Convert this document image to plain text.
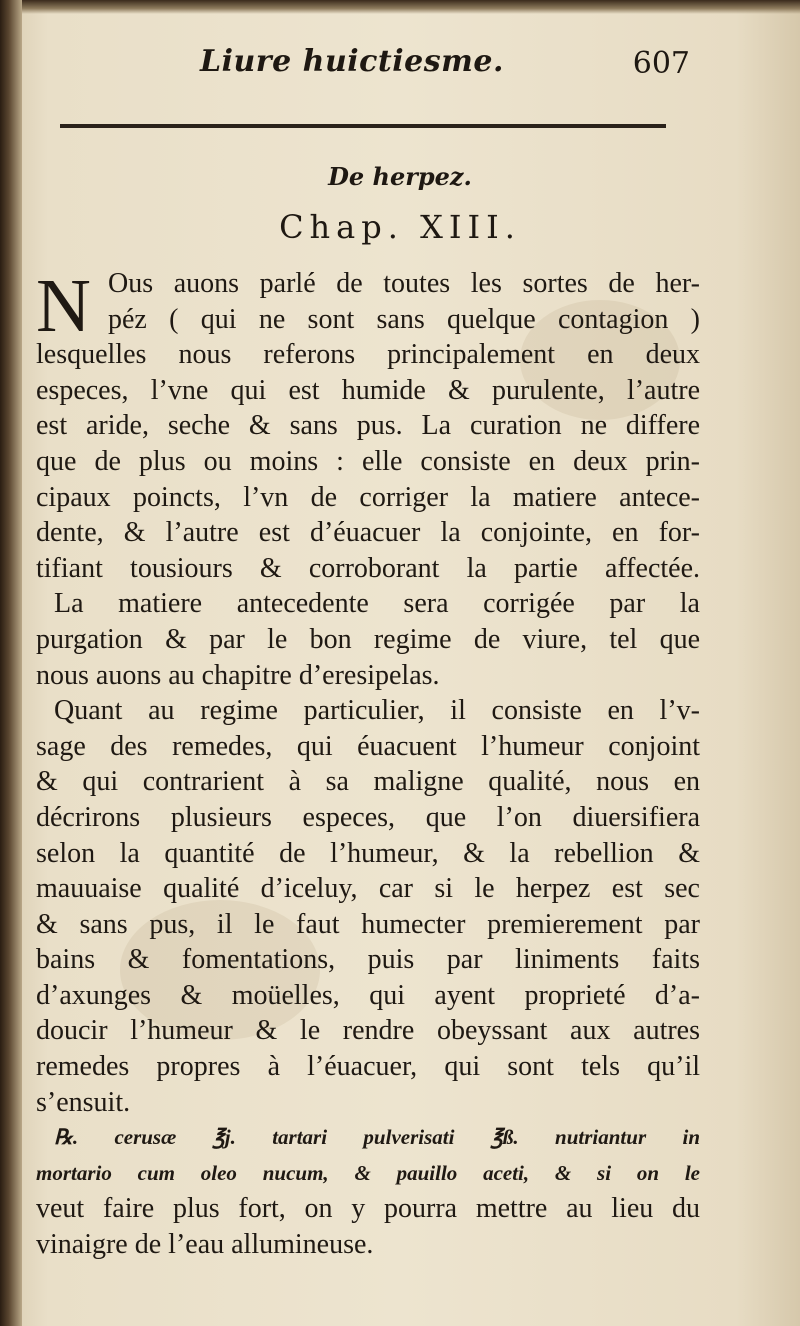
Liure huictiesme.	607
De herpez.
Chap. XIII.
N Ous auons parlé de toutes les sortes de her-
péz ( qui ne sont sans quelque contagion )
lesquelles nous referons principalement en deux
especes, l’vne qui est humide & purulente, l’autre
est aride, seche & sans pus. La curation ne differe
que de plus ou moins : elle consiste en deux prin-
cipaux poincts, l’vn de corriger la matiere antece-
dente, & l’autre est d’éuacuer la conjointe, en for-
tifiant tousiours & corroborant la partie affectée.
La matiere antecedente sera corrigée par la
purgation & par le bon regime de viure, tel que
nous auons au chapitre d’eresipelas.
Quant au regime particulier, il consiste en l’v-
sage des remedes, qui éuacuent l’humeur conjoint
& qui contrarient à sa maligne qualité, nous en
décrirons plusieurs especes, que l’on diuersifiera
selon la quantité de l’humeur, & la rebellion &
mauuaise qualité d’iceluy, car si le herpez est sec
& sans pus, il le faut humecter premierement par
bains & fomentations, puis par liniments faits
d’axunges & moüelles, qui ayent proprieté d’a-
doucir l’humeur & le rendre obeyssant aux autres
remedes propres à l’éuacuer, qui sont tels qu’il
s’ensuit.
℞. cerusæ ℥j. tartari pulverisati ℥ß. nutriantur in
mortario cum oleo nucum, & pauillo aceti, & si on le
veut faire plus fort, on y pourra mettre au lieu du
vinaigre de l’eau allumineuse.
